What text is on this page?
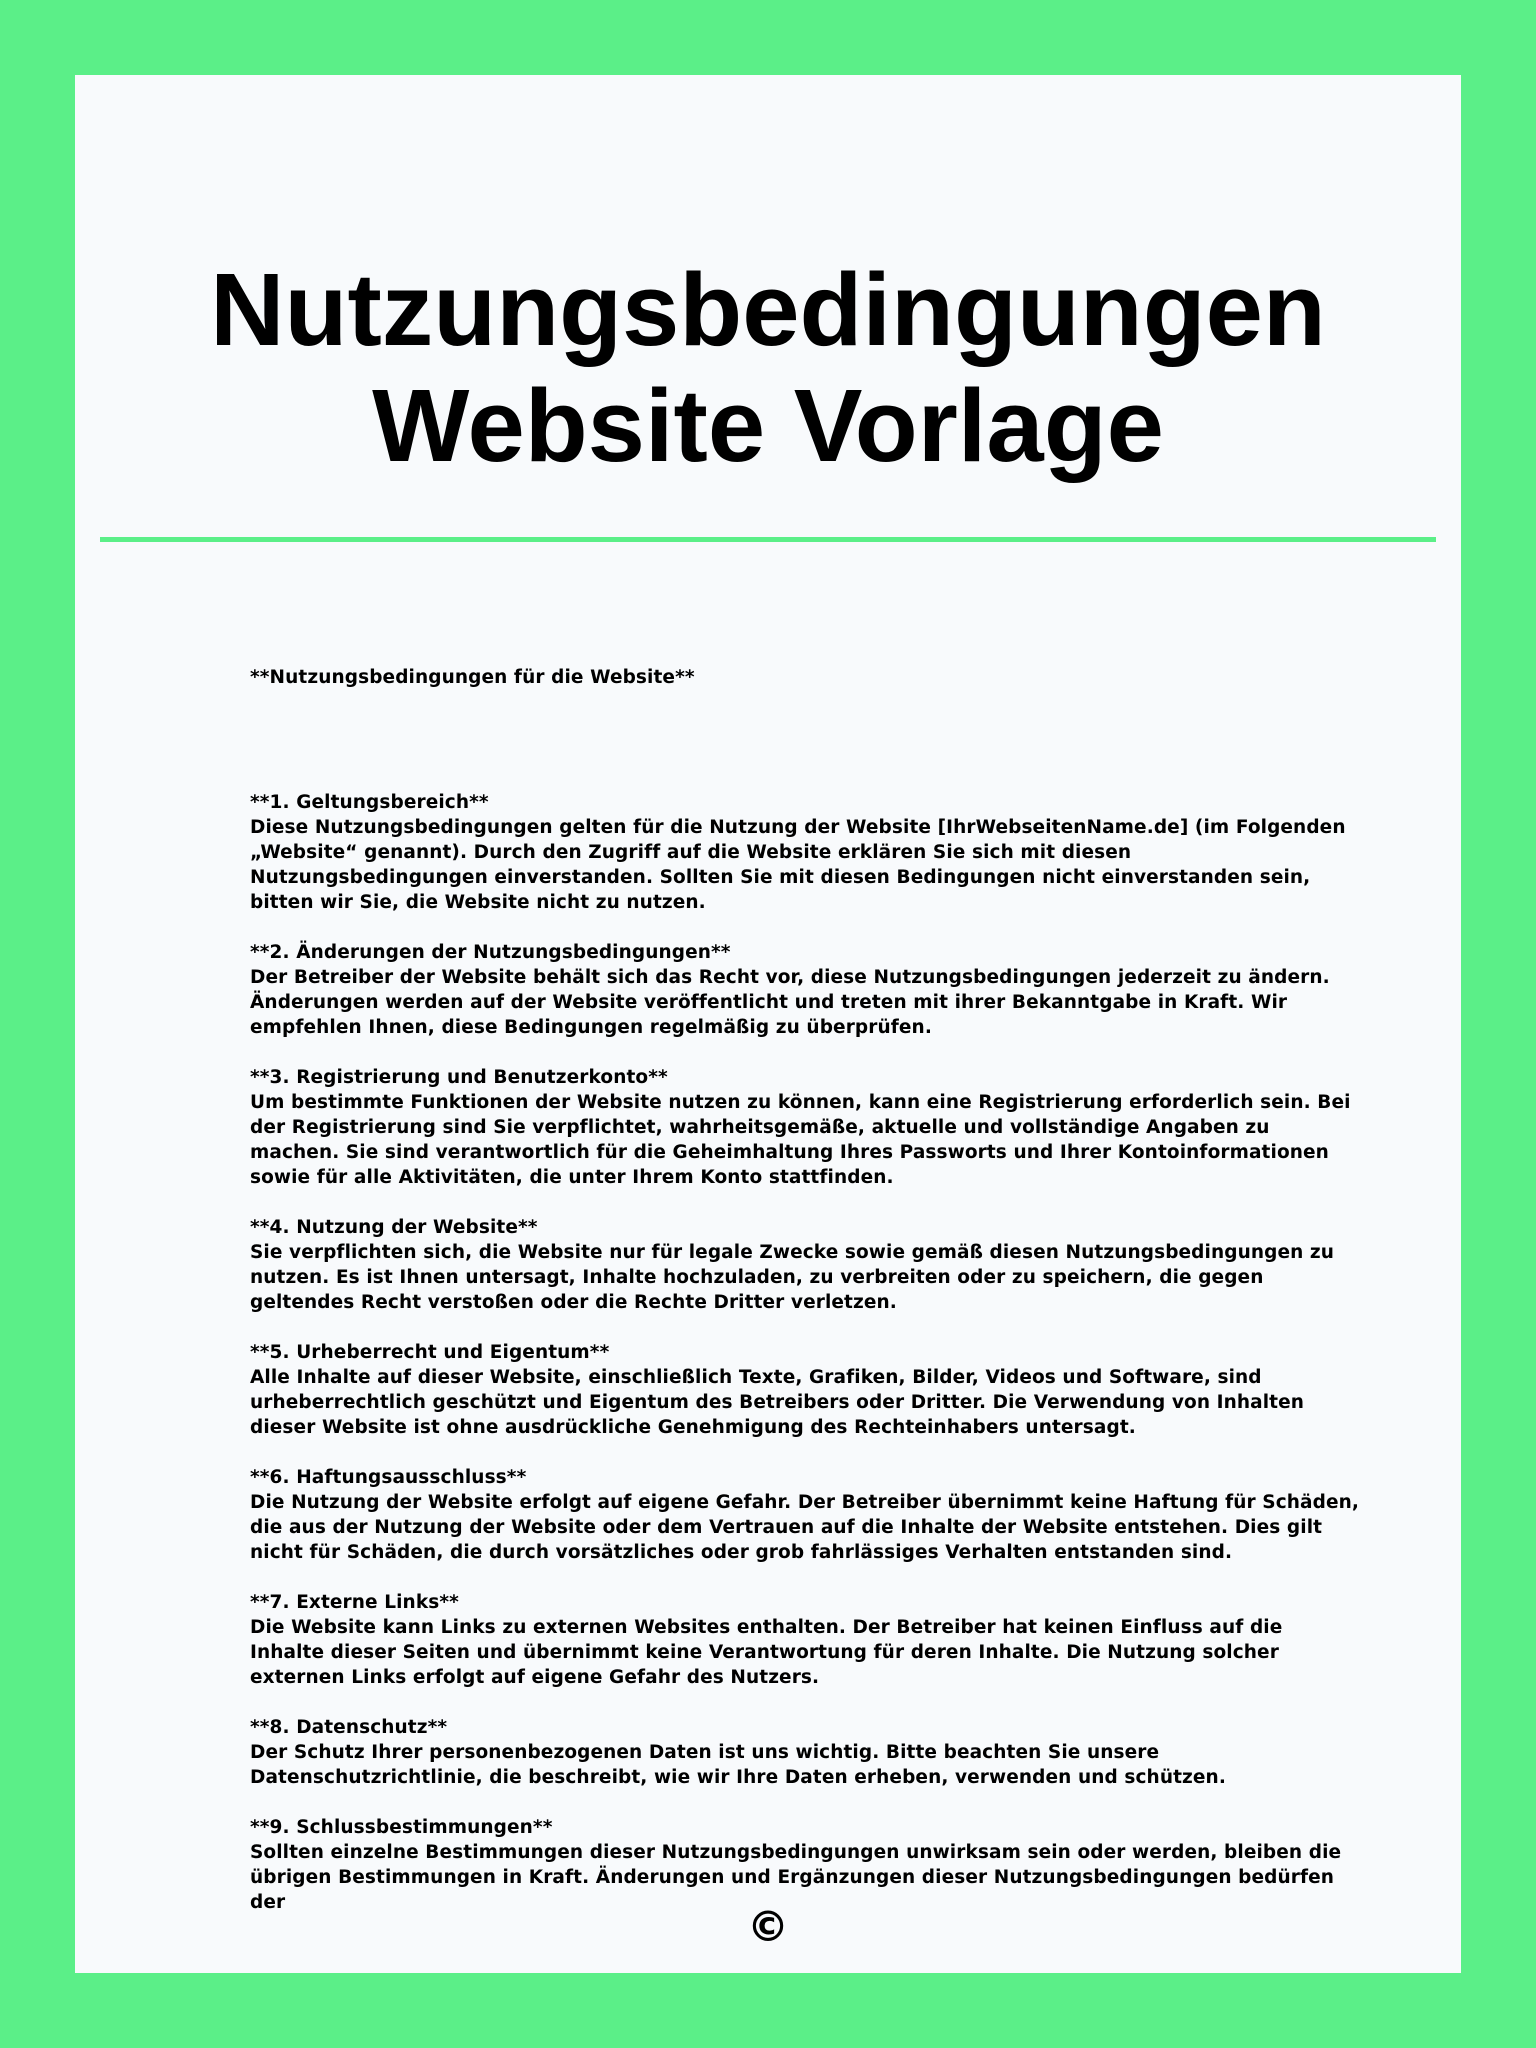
Nutzungsbedingungen
Website Vorlage
**Nutzungsbedingungen für die Website**
**1. Geltungsbereich**
Diese Nutzungsbedingungen gelten für die Nutzung der Website [IhrWebseitenName.de] (im Folgenden „Website“ genannt). Durch den Zugriff auf die Website erklären Sie sich mit diesen Nutzungsbedingungen einverstanden. Sollten Sie mit diesen Bedingungen nicht einverstanden sein, bitten wir Sie, die Website nicht zu nutzen.
**2. Änderungen der Nutzungsbedingungen**
Der Betreiber der Website behält sich das Recht vor, diese Nutzungsbedingungen jederzeit zu ändern. Änderungen werden auf der Website veröffentlicht und treten mit ihrer Bekanntgabe in Kraft. Wir empfehlen Ihnen, diese Bedingungen regelmäßig zu überprüfen.
**3. Registrierung und Benutzerkonto**
Um bestimmte Funktionen der Website nutzen zu können, kann eine Registrierung erforderlich sein. Bei der Registrierung sind Sie verpflichtet, wahrheitsgemäße, aktuelle und vollständige Angaben zu machen. Sie sind verantwortlich für die Geheimhaltung Ihres Passworts und Ihrer Kontoinformationen sowie für alle Aktivitäten, die unter Ihrem Konto stattfinden.
**4. Nutzung der Website**
Sie verpflichten sich, die Website nur für legale Zwecke sowie gemäß diesen Nutzungsbedingungen zu nutzen. Es ist Ihnen untersagt, Inhalte hochzuladen, zu verbreiten oder zu speichern, die gegen geltendes Recht verstoßen oder die Rechte Dritter verletzen.
**5. Urheberrecht und Eigentum**
Alle Inhalte auf dieser Website, einschließlich Texte, Grafiken, Bilder, Videos und Software, sind urheberrechtlich geschützt und Eigentum des Betreibers oder Dritter. Die Verwendung von Inhalten dieser Website ist ohne ausdrückliche Genehmigung des Rechteinhabers untersagt.
**6. Haftungsausschluss**
Die Nutzung der Website erfolgt auf eigene Gefahr. Der Betreiber übernimmt keine Haftung für Schäden, die aus der Nutzung der Website oder dem Vertrauen auf die Inhalte der Website entstehen. Dies gilt nicht für Schäden, die durch vorsätzliches oder grob fahrlässiges Verhalten entstanden sind.
**7. Externe Links**
Die Website kann Links zu externen Websites enthalten. Der Betreiber hat keinen Einfluss auf die Inhalte dieser Seiten und übernimmt keine Verantwortung für deren Inhalte. Die Nutzung solcher externen Links erfolgt auf eigene Gefahr des Nutzers.
**8. Datenschutz**
Der Schutz Ihrer personenbezogenen Daten ist uns wichtig. Bitte beachten Sie unsere Datenschutzrichtlinie, die beschreibt, wie wir Ihre Daten erheben, verwenden und schützen.
**9. Schlussbestimmungen**
Sollten einzelne Bestimmungen dieser Nutzungsbedingungen unwirksam sein oder werden, bleiben die übrigen Bestimmungen in Kraft. Änderungen und Ergänzungen dieser Nutzungsbedingungen bedürfen der	©
